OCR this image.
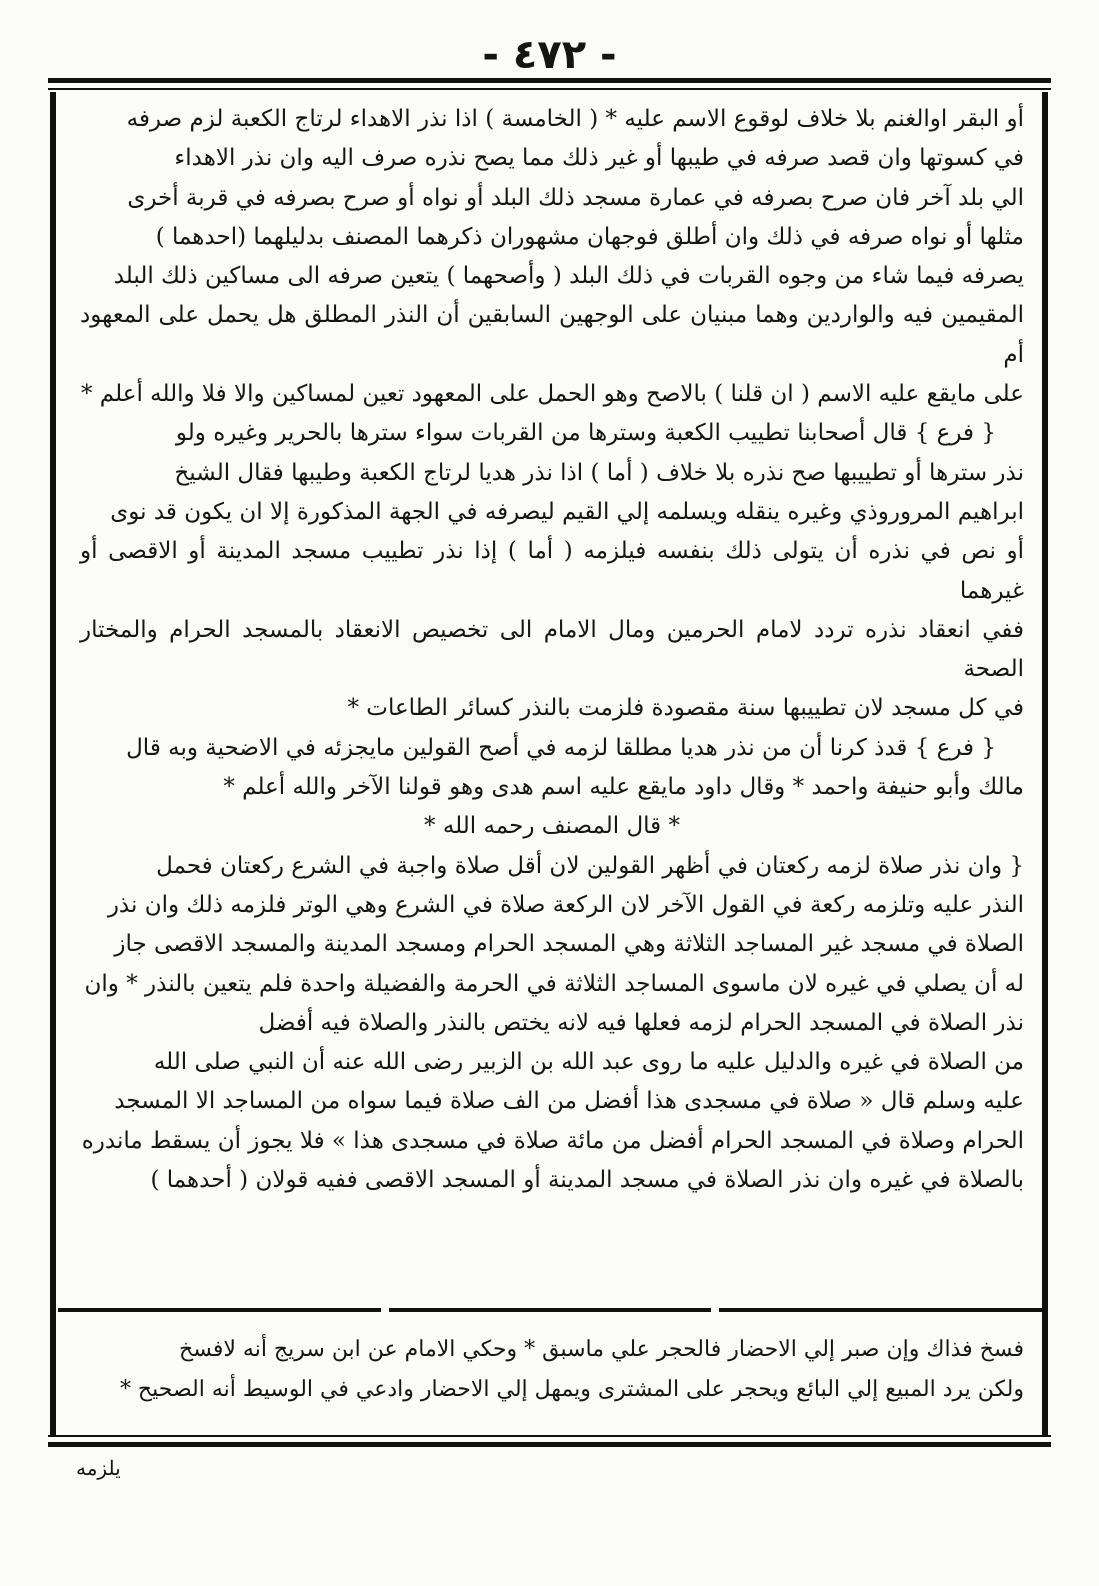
- ٤٧٢ -

أو البقر اوالغنم بلا خلاف لوقوع الاسم عليه * ( الخامسة ) اذا نذر الاهداء لرتاج الكعبة لزم صرفه

في كسوتها وان قصد صرفه في طيبها أو غير ذلك مما يصح نذره صرف اليه وان نذر الاهداء

الي بلد آخر فان صرح بصرفه في عمارة مسجد ذلك البلد أو نواه أو صرح بصرفه في قربة أخرى

مثلها أو نواه صرفه في ذلك وان أطلق فوجهان مشهوران ذكرهما المصنف بدليلهما (احدهما )

يصرفه فيما شاء من وجوه القربات في ذلك البلد ( وأصحهما ) يتعين صرفه الى مساكين ذلك البلد

المقيمين فيه والواردين وهما مبنيان على الوجهين السابقين أن النذر المطلق هل يحمل على المعهود أم

على مايقع عليه الاسم ( ان قلنا ) بالاصح وهو الحمل على المعهود تعين لمساكين والا فلا والله أعلم *

{ فرع } قال أصحابنا تطييب الكعبة وسترها من القربات سواء سترها بالحرير وغيره ولو

نذر سترها أو تطييبها صح نذره بلا خلاف ( أما ) اذا نذر هديا لرتاج الكعبة وطيبها فقال الشيخ

ابراهيم المروروذي وغيره ينقله ويسلمه إلي القيم ليصرفه في الجهة المذكورة إلا ان يكون قد نوى

أو نص في نذره أن يتولى ذلك بنفسه فيلزمه ( أما ) إذا نذر تطييب مسجد المدينة أو الاقصى أو غيرهما

ففي انعقاد نذره تردد لامام الحرمين ومال الامام الى تخصيص الانعقاد بالمسجد الحرام والمختار الصحة

في كل مسجد لان تطييبها سنة مقصودة فلزمت بالنذر كسائر الطاعات *

{ فرع } قدذ كرنا أن من نذر هديا مطلقا لزمه في أصح القولين مايجزئه في الاضحية وبه قال

مالك وأبو حنيفة واحمد * وقال داود مايقع عليه اسم هدى وهو قولنا الآخر والله أعلم *

* قال المصنف رحمه الله *

{ وان نذر صلاة لزمه ركعتان في أظهر القولين لان أقل صلاة واجبة في الشرع ركعتان فحمل

النذر عليه وتلزمه ركعة في القول الآخر لان الركعة صلاة في الشرع وهي الوتر فلزمه ذلك وان نذر

الصلاة في مسجد غير المساجد الثلاثة وهي المسجد الحرام ومسجد المدينة والمسجد الاقصى جاز

له أن يصلي في غيره لان ماسوى المساجد الثلاثة في الحرمة والفضيلة واحدة فلم يتعين بالنذر * وان

نذر الصلاة في المسجد الحرام لزمه فعلها فيه لانه يختص بالنذر والصلاة فيه أفضل

من الصلاة في غيره والدليل عليه ما روى عبد الله بن الزبير رضى الله عنه أن النبي صلى الله

عليه وسلم قال « صلاة في مسجدى هذا أفضل من الف صلاة فيما سواه من المساجد الا المسجد

الحرام وصلاة في المسجد الحرام أفضل من مائة صلاة في مسجدى هذا » فلا يجوز أن يسقط ماندره

بالصلاة في غيره وان نذر الصلاة في مسجد المدينة أو المسجد الاقصى ففيه قولان ( أحدهما )

فسخ فذاك وإن صبر إلي الاحضار فالحجر علي ماسبق * وحكي الامام عن ابن سريج أنه لافسخ

ولكن يرد المبيع إلي البائع ويحجر على المشترى ويمهل إلي الاحضار وادعي في الوسيط أنه الصحيح *

يلزمه
